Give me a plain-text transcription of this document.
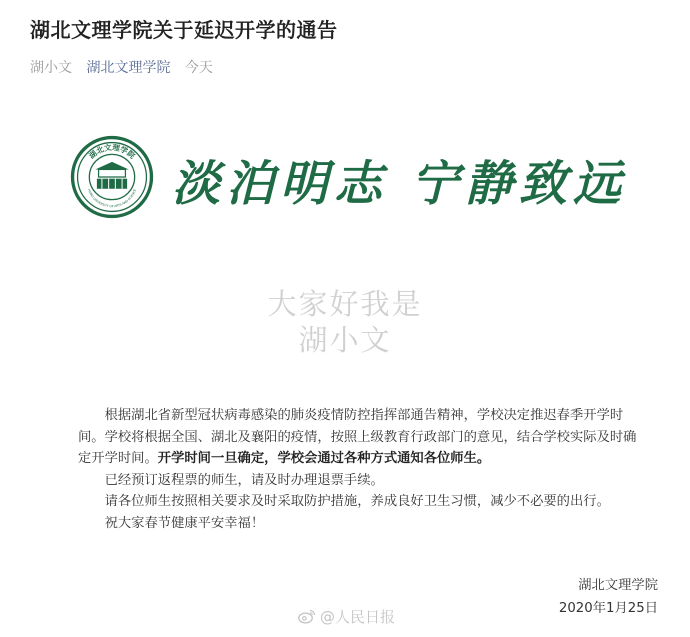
湖北文理学院关于延迟开学的通告
湖小文 湖北文理学院 今天
湖北文理学院
HUBEI UNIVERSITY OF ARTS AND SCIENCE 淡泊明志 宁静致远
大家好我是
湖小文

根据湖北省新型冠状病毒感染的肺炎疫情防控指挥部通告精神，学校决定推迟春季开学时间。学校将根据全国、湖北及襄阳的疫情，按照上级教育行政部门的意见，结合学校实际及时确定开学时间。开学时间一旦确定，学校会通过各种方式通知各位师生。

已经预订返程票的师生，请及时办理退票手续。

请各位师生按照相关要求及时采取防护措施，养成良好卫生习惯，减少不必要的出行。

祝大家春节健康平安幸福！

湖北文理学院
2020年1月25日
@人民日报
